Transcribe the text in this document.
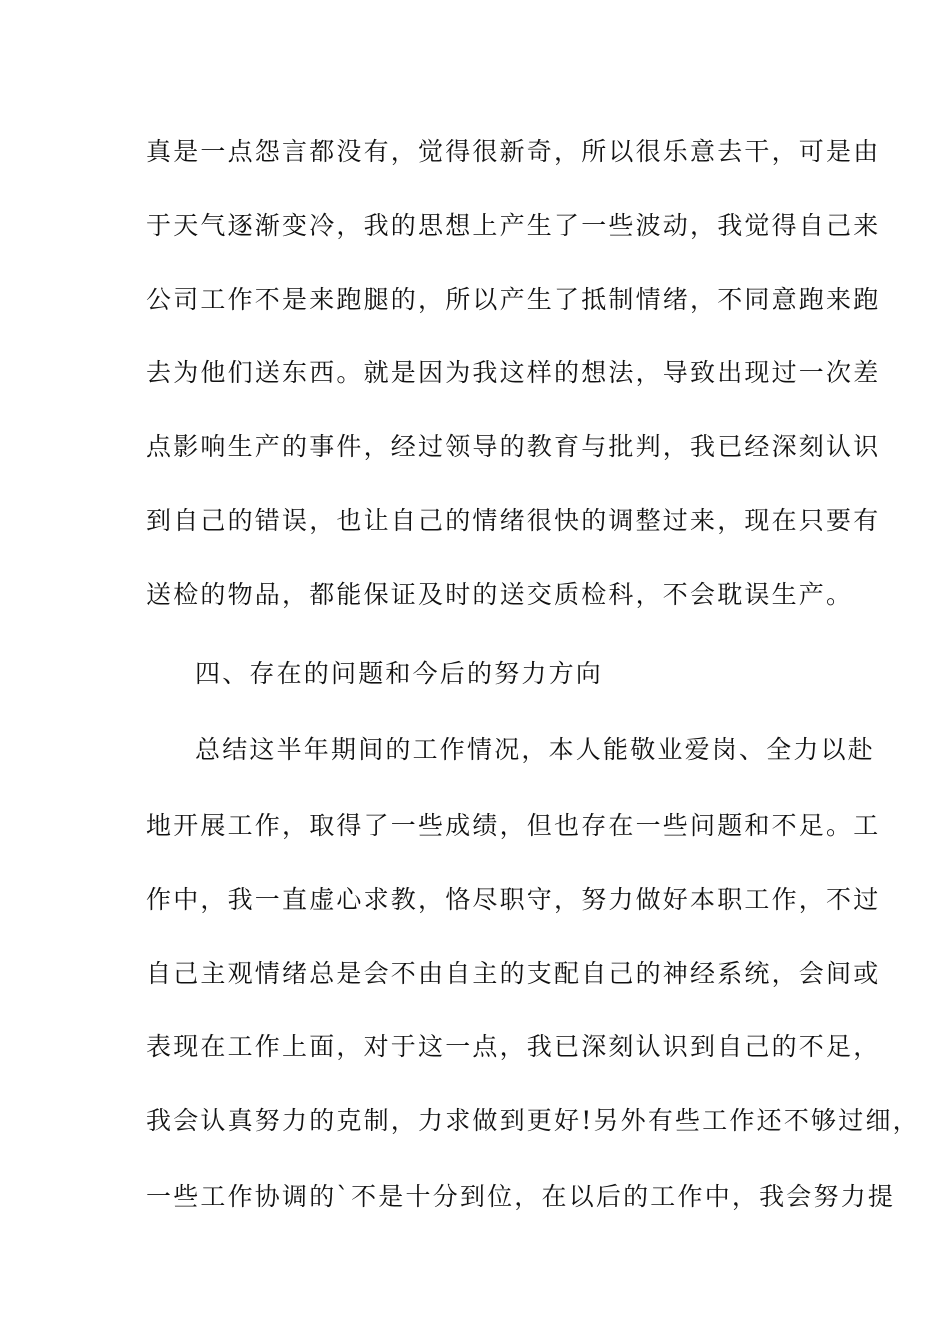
真是一点怨言都没有，觉得很新奇，所以很乐意去干，可是由
于天气逐渐变冷，我的思想上产生了一些波动，我觉得自己来
公司工作不是来跑腿的，所以产生了抵制情绪，不同意跑来跑
去为他们送东西。就是因为我这样的想法，导致出现过一次差
点影响生产的事件，经过领导的教育与批判，我已经深刻认识
到自己的错误，也让自己的情绪很快的调整过来，现在只要有
送检的物品，都能保证及时的送交质检科，不会耽误生产。
四、存在的问题和今后的努力方向
总结这半年期间的工作情况，本人能敬业爱岗、全力以赴
地开展工作，取得了一些成绩，但也存在一些问题和不足。工
作中，我一直虚心求教，恪尽职守，努力做好本职工作，不过
自己主观情绪总是会不由自主的支配自己的神经系统，会间或
表现在工作上面，对于这一点，我已深刻认识到自己的不足，
我会认真努力的克制，力求做到更好!另外有些工作还不够过细，
一些工作协调的`不是十分到位，在以后的工作中，我会努力提
